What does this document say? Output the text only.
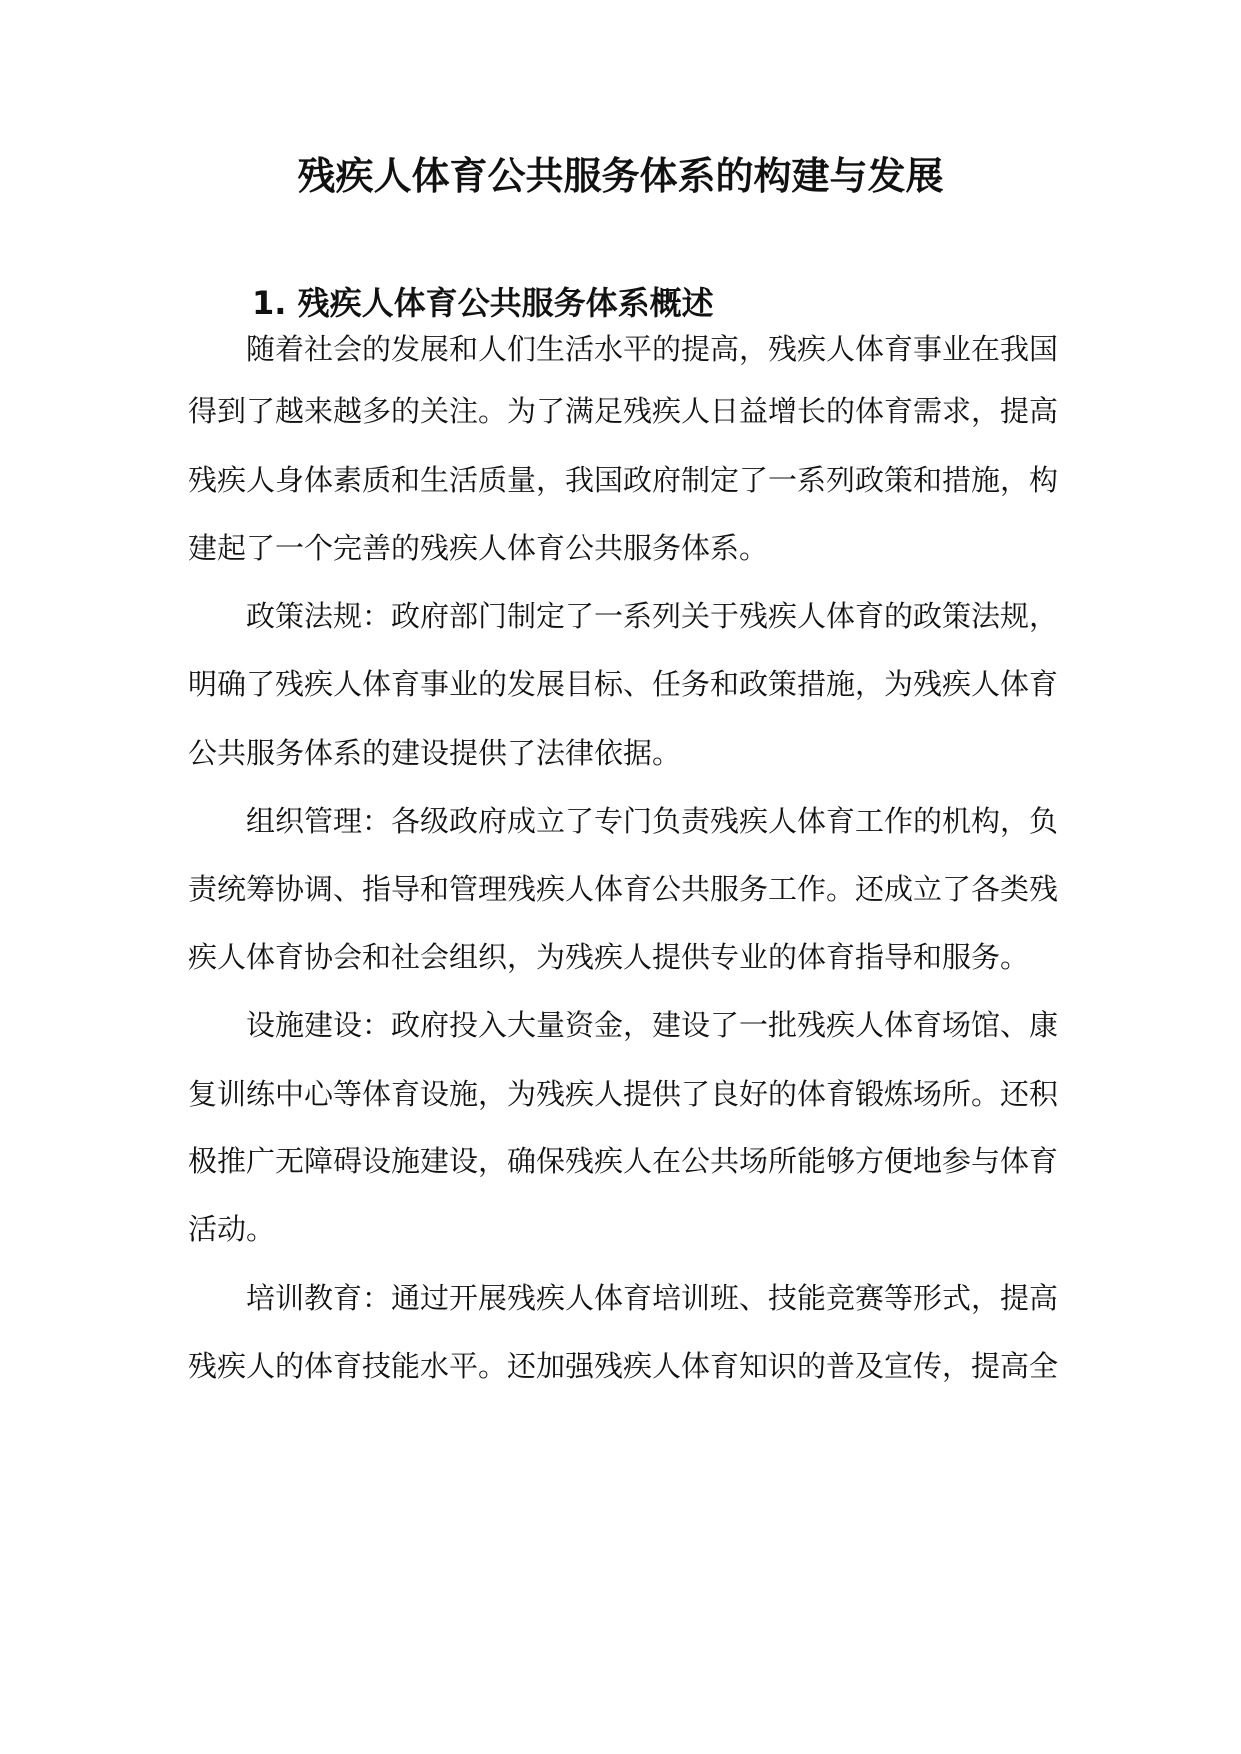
残疾人体育公共服务体系的构建与发展
1. 残疾人体育公共服务体系概述

随着社会的发展和人们生活水平的提高，残疾人体育事业在我国

得到了越来越多的关注。为了满足残疾人日益增长的体育需求，提高

残疾人身体素质和生活质量，我国政府制定了一系列政策和措施，构

建起了一个完善的残疾人体育公共服务体系。

政策法规：政府部门制定了一系列关于残疾人体育的政策法规，

明确了残疾人体育事业的发展目标、任务和政策措施，为残疾人体育

公共服务体系的建设提供了法律依据。

组织管理：各级政府成立了专门负责残疾人体育工作的机构，负

责统筹协调、指导和管理残疾人体育公共服务工作。还成立了各类残

疾人体育协会和社会组织，为残疾人提供专业的体育指导和服务。

设施建设：政府投入大量资金，建设了一批残疾人体育场馆、康

复训练中心等体育设施，为残疾人提供了良好的体育锻炼场所。还积

极推广无障碍设施建设，确保残疾人在公共场所能够方便地参与体育

活动。

培训教育：通过开展残疾人体育培训班、技能竞赛等形式，提高

残疾人的体育技能水平。还加强残疾人体育知识的普及宣传，提高全
